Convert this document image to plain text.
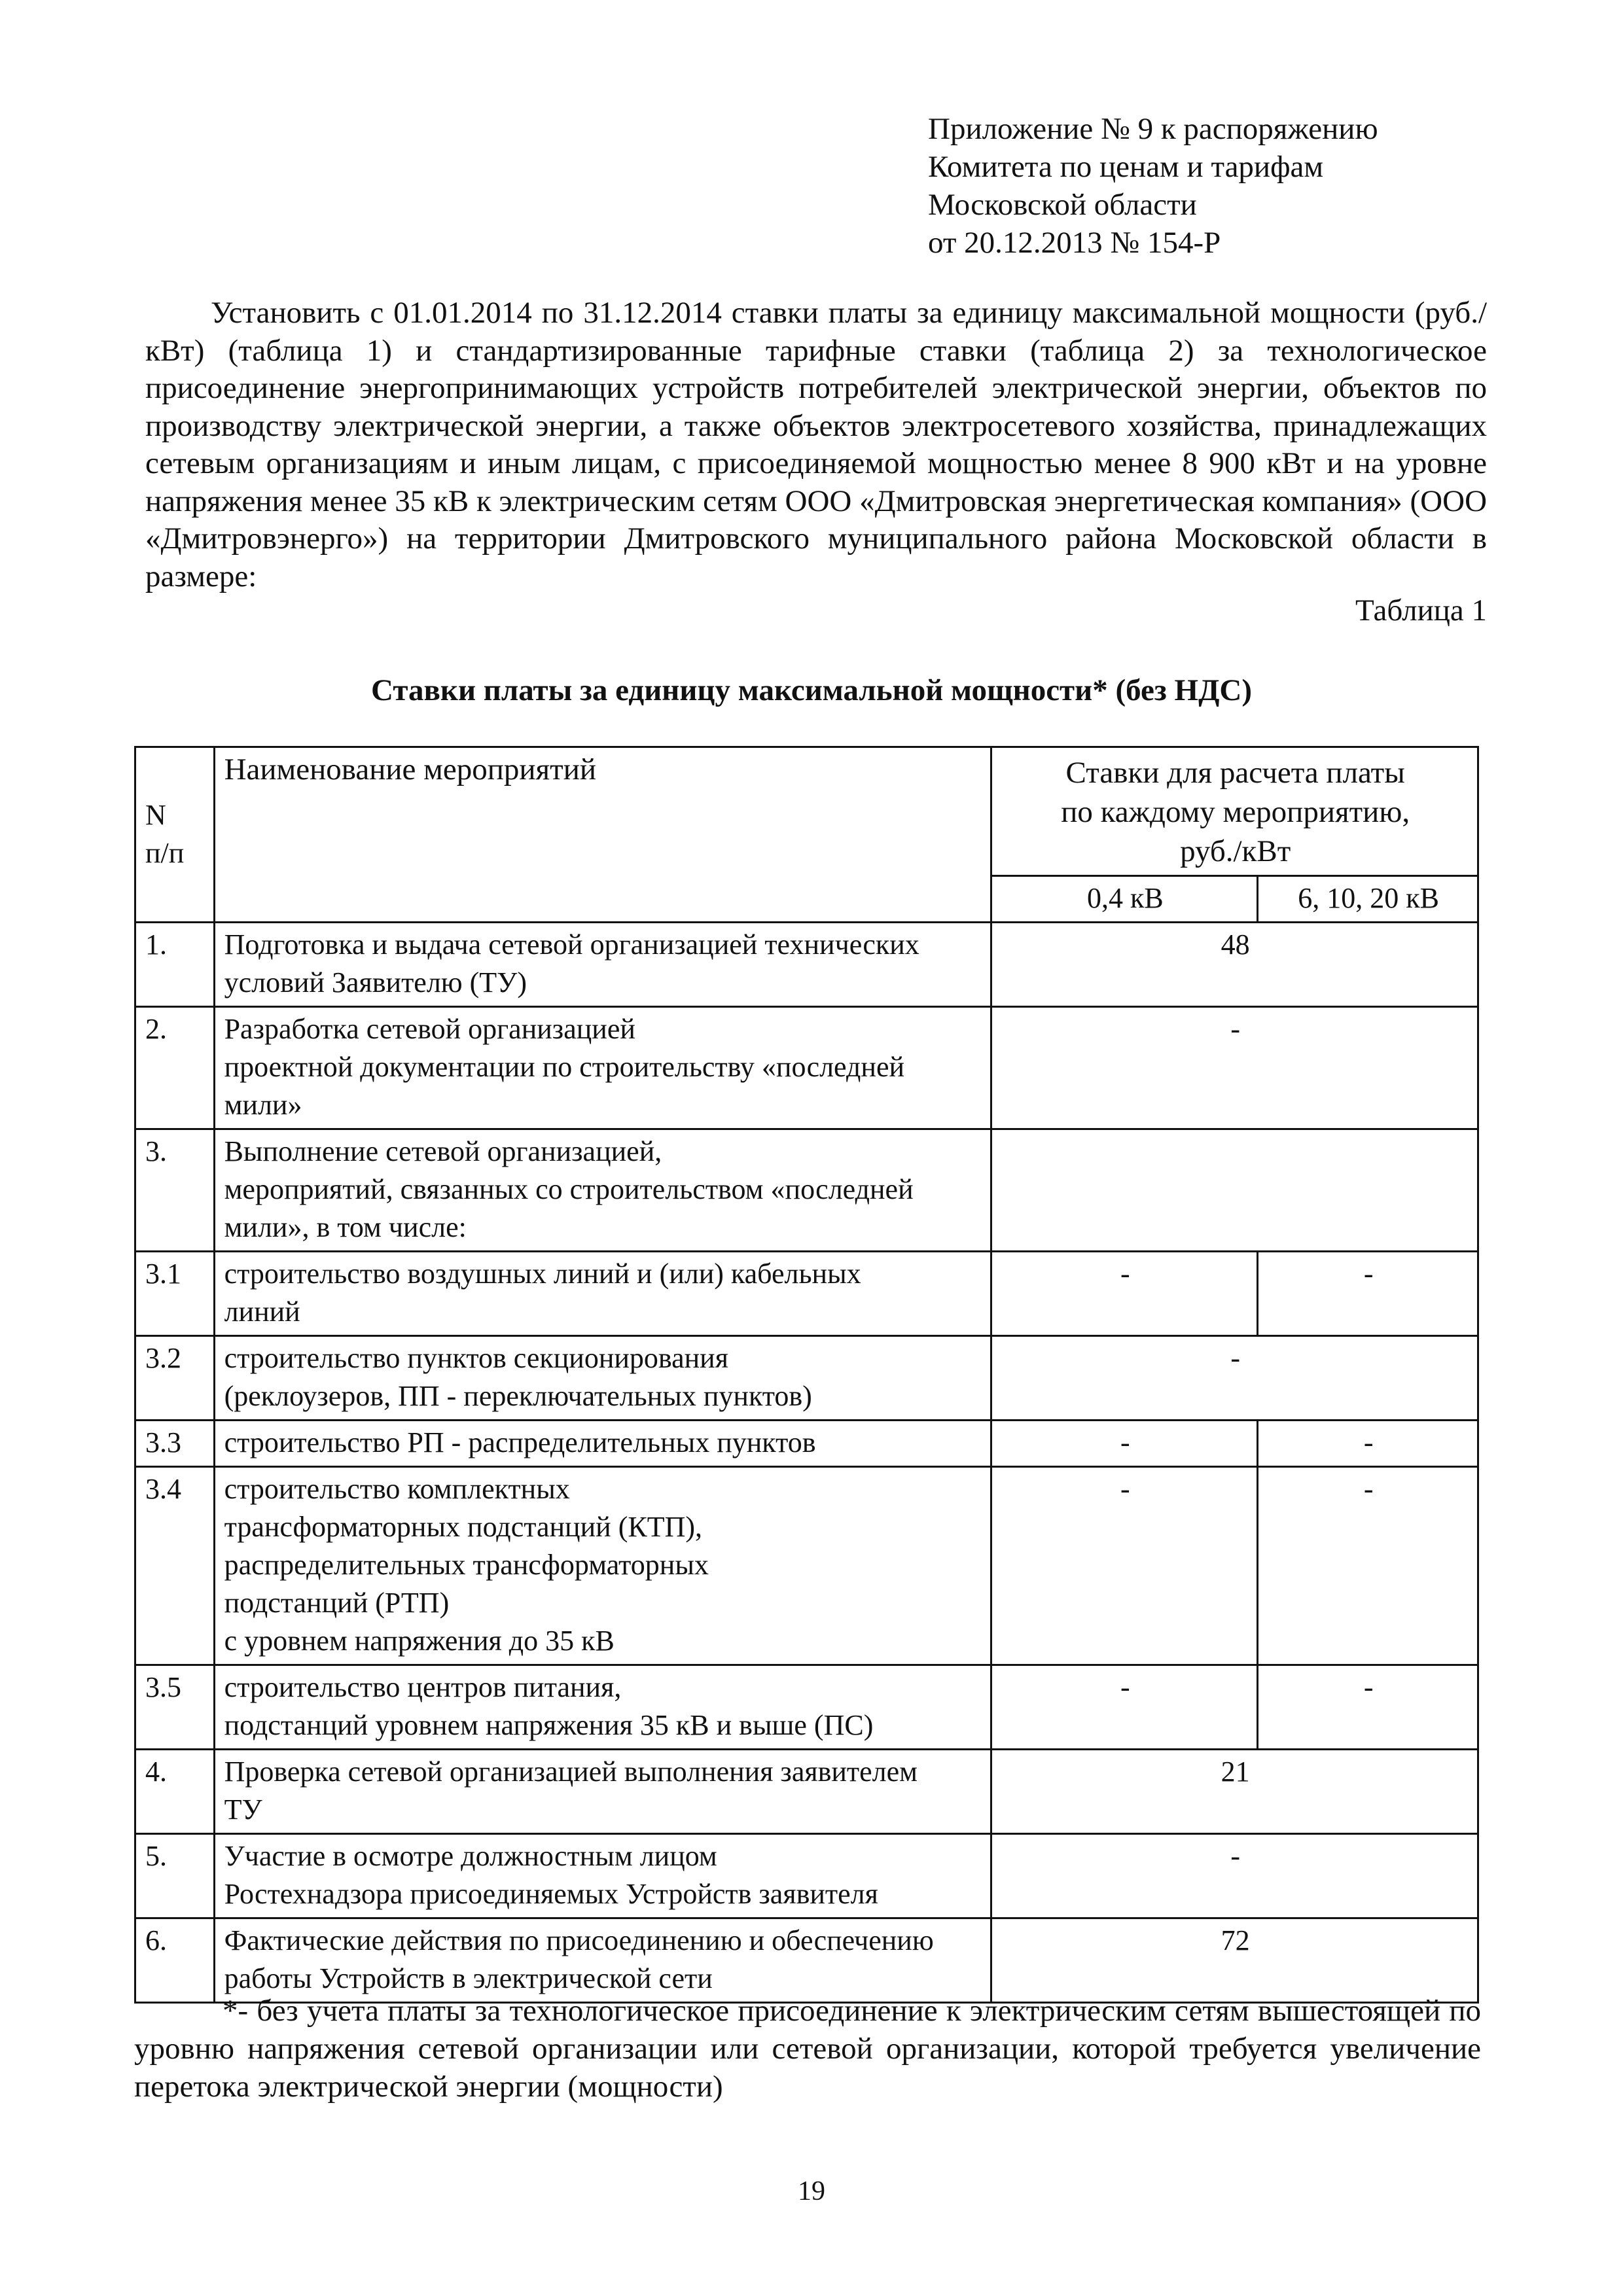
Приложение № 9 к распоряжению
Комитета по ценам и тарифам
Московской области
от 20.12.2013 № 154-Р

Установить с 01.01.2014 по 31.12.2014 ставки платы за единицу максимальной мощности (руб./кВт) (таблица 1) и стандартизированные тарифные ставки (таблица 2) за технологическое присоединение энергопринимающих устройств потребителей электрической энергии, объектов по производству электрической энергии, а также объектов электросетевого хозяйства, принадлежащих сетевым организациям и иным лицам, с присоединяемой мощностью менее 8 900 кВт и на уровне напряжения менее 35 кВ к электрическим сетям ООО «Дмитровская энергетическая компания» (ООО «Дмитровэнерго») на территории Дмитровского муниципального района Московской области в размере:

Таблица 1
Ставки платы за единицу максимальной мощности* (без НДС)
N
п/п	Наименование мероприятий	Ставки для расчета платы
по каждому мероприятию,
руб./кВт	

		0,4 кВ	6, 10, 20 кВ
1.	Подготовка и выдача сетевой организацией технических
условий Заявителю (ТУ)	48	
2.	Разработка сетевой организацией
проектной документации по строительству «последней
мили»	-	
3.	Выполнение сетевой организацией,
мероприятий, связанных со строительством «последней
мили», в том числе:		

3.1	строительство воздушных линий и (или) кабельных
линий	-	-
3.2	строительство пунктов секционирования
(реклоузеров, ПП - переключательных пунктов)	-	
3.3	строительство РП - распределительных пунктов	-	-
3.4	строительство комплектных
трансформаторных подстанций (КТП),
распределительных трансформаторных
подстанций (РТП)
с уровнем напряжения до 35 кВ	-	-
3.5	строительство центров питания,
подстанций уровнем напряжения 35 кВ и выше (ПС)	-	-
4.	Проверка сетевой организацией выполнения заявителем
ТУ	21	
5.	Участие в осмотре должностным лицом
Ростехнадзора присоединяемых Устройств заявителя	-	
6.	Фактические действия по присоединению и обеспечению
работы Устройств в электрической сети	72	

*- без учета платы за технологическое присоединение к электрическим сетям вышестоящей по уровню напряжения сетевой организации или сетевой организации, которой требуется увеличение перетока электрической энергии (мощности)

19
